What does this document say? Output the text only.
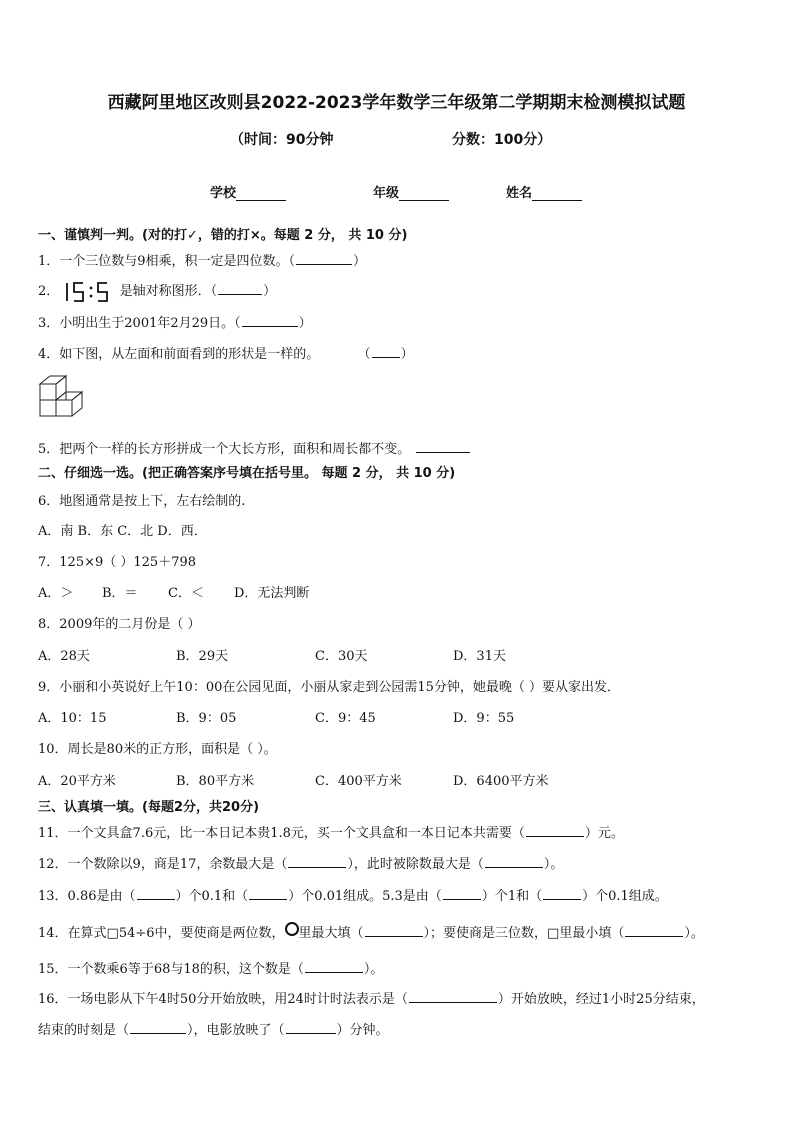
西藏阿里地区改则县2022-2023学年数学三年级第二学期期末检测模拟试题
（时间：90分钟	分数：100分）
学校	年级	姓名
一、谨慎判一判。(对的打✓，错的打×。每题 2 分， 共 10 分)
1．一个三位数与9相乘，积一定是四位数。（	）
2．	是轴对称图形．（	）
3．小明出生于2001年2月29日。（	）
4．如下图，从左面和前面看到的形状是一样的。	（ ）
5．把两个一样的长方形拼成一个大长方形，面积和周长都不变。
二、仔细选一选。(把正确答案序号填在括号里。 每题 2 分， 共 10 分)
6．地图通常是按上下，左右绘制的.
A．南 B．东 C．北 D．西．
7．125×9（ ）125＋798
A．＞ B．＝ C．＜ D．无法判断
8．2009年的二月份是（ ）
A．28天	B．29天	C．30天	D．31天
9．小丽和小英说好上午10：00在公园见面，小丽从家走到公园需15分钟，她最晚（ ）要从家出发．
A．10：15	B．9：05	C．9：45	D．9：55
10．周长是80米的正方形，面积是（ ）。
A．20平方米	B．80平方米	C．400平方米	D．6400平方米
三、认真填一填。(每题2分，共20分)
11．一个文具盒7.6元，比一本日记本贵1.8元，买一个文具盒和一本日记本共需要（	）元。
12．一个数除以9，商是17，余数最大是（	），此时被除数最大是（	）。
13．0.86是由（	）个0.1和（	）个0.01组成。5.3是由（	）个1和（	）个0.1组成。
14．在算式□54÷6中，要使商是两位数， 里最大填（	）；要使商是三位数，□里最小填（	）。
15．一个数乘6等于68与18的积，这个数是（	）。
16．一场电影从下午4时50分开始放映，用24时计时法表示是（	）开始放映，经过1小时25分结束，
结束的时刻是（	），电影放映了（	）分钟。
